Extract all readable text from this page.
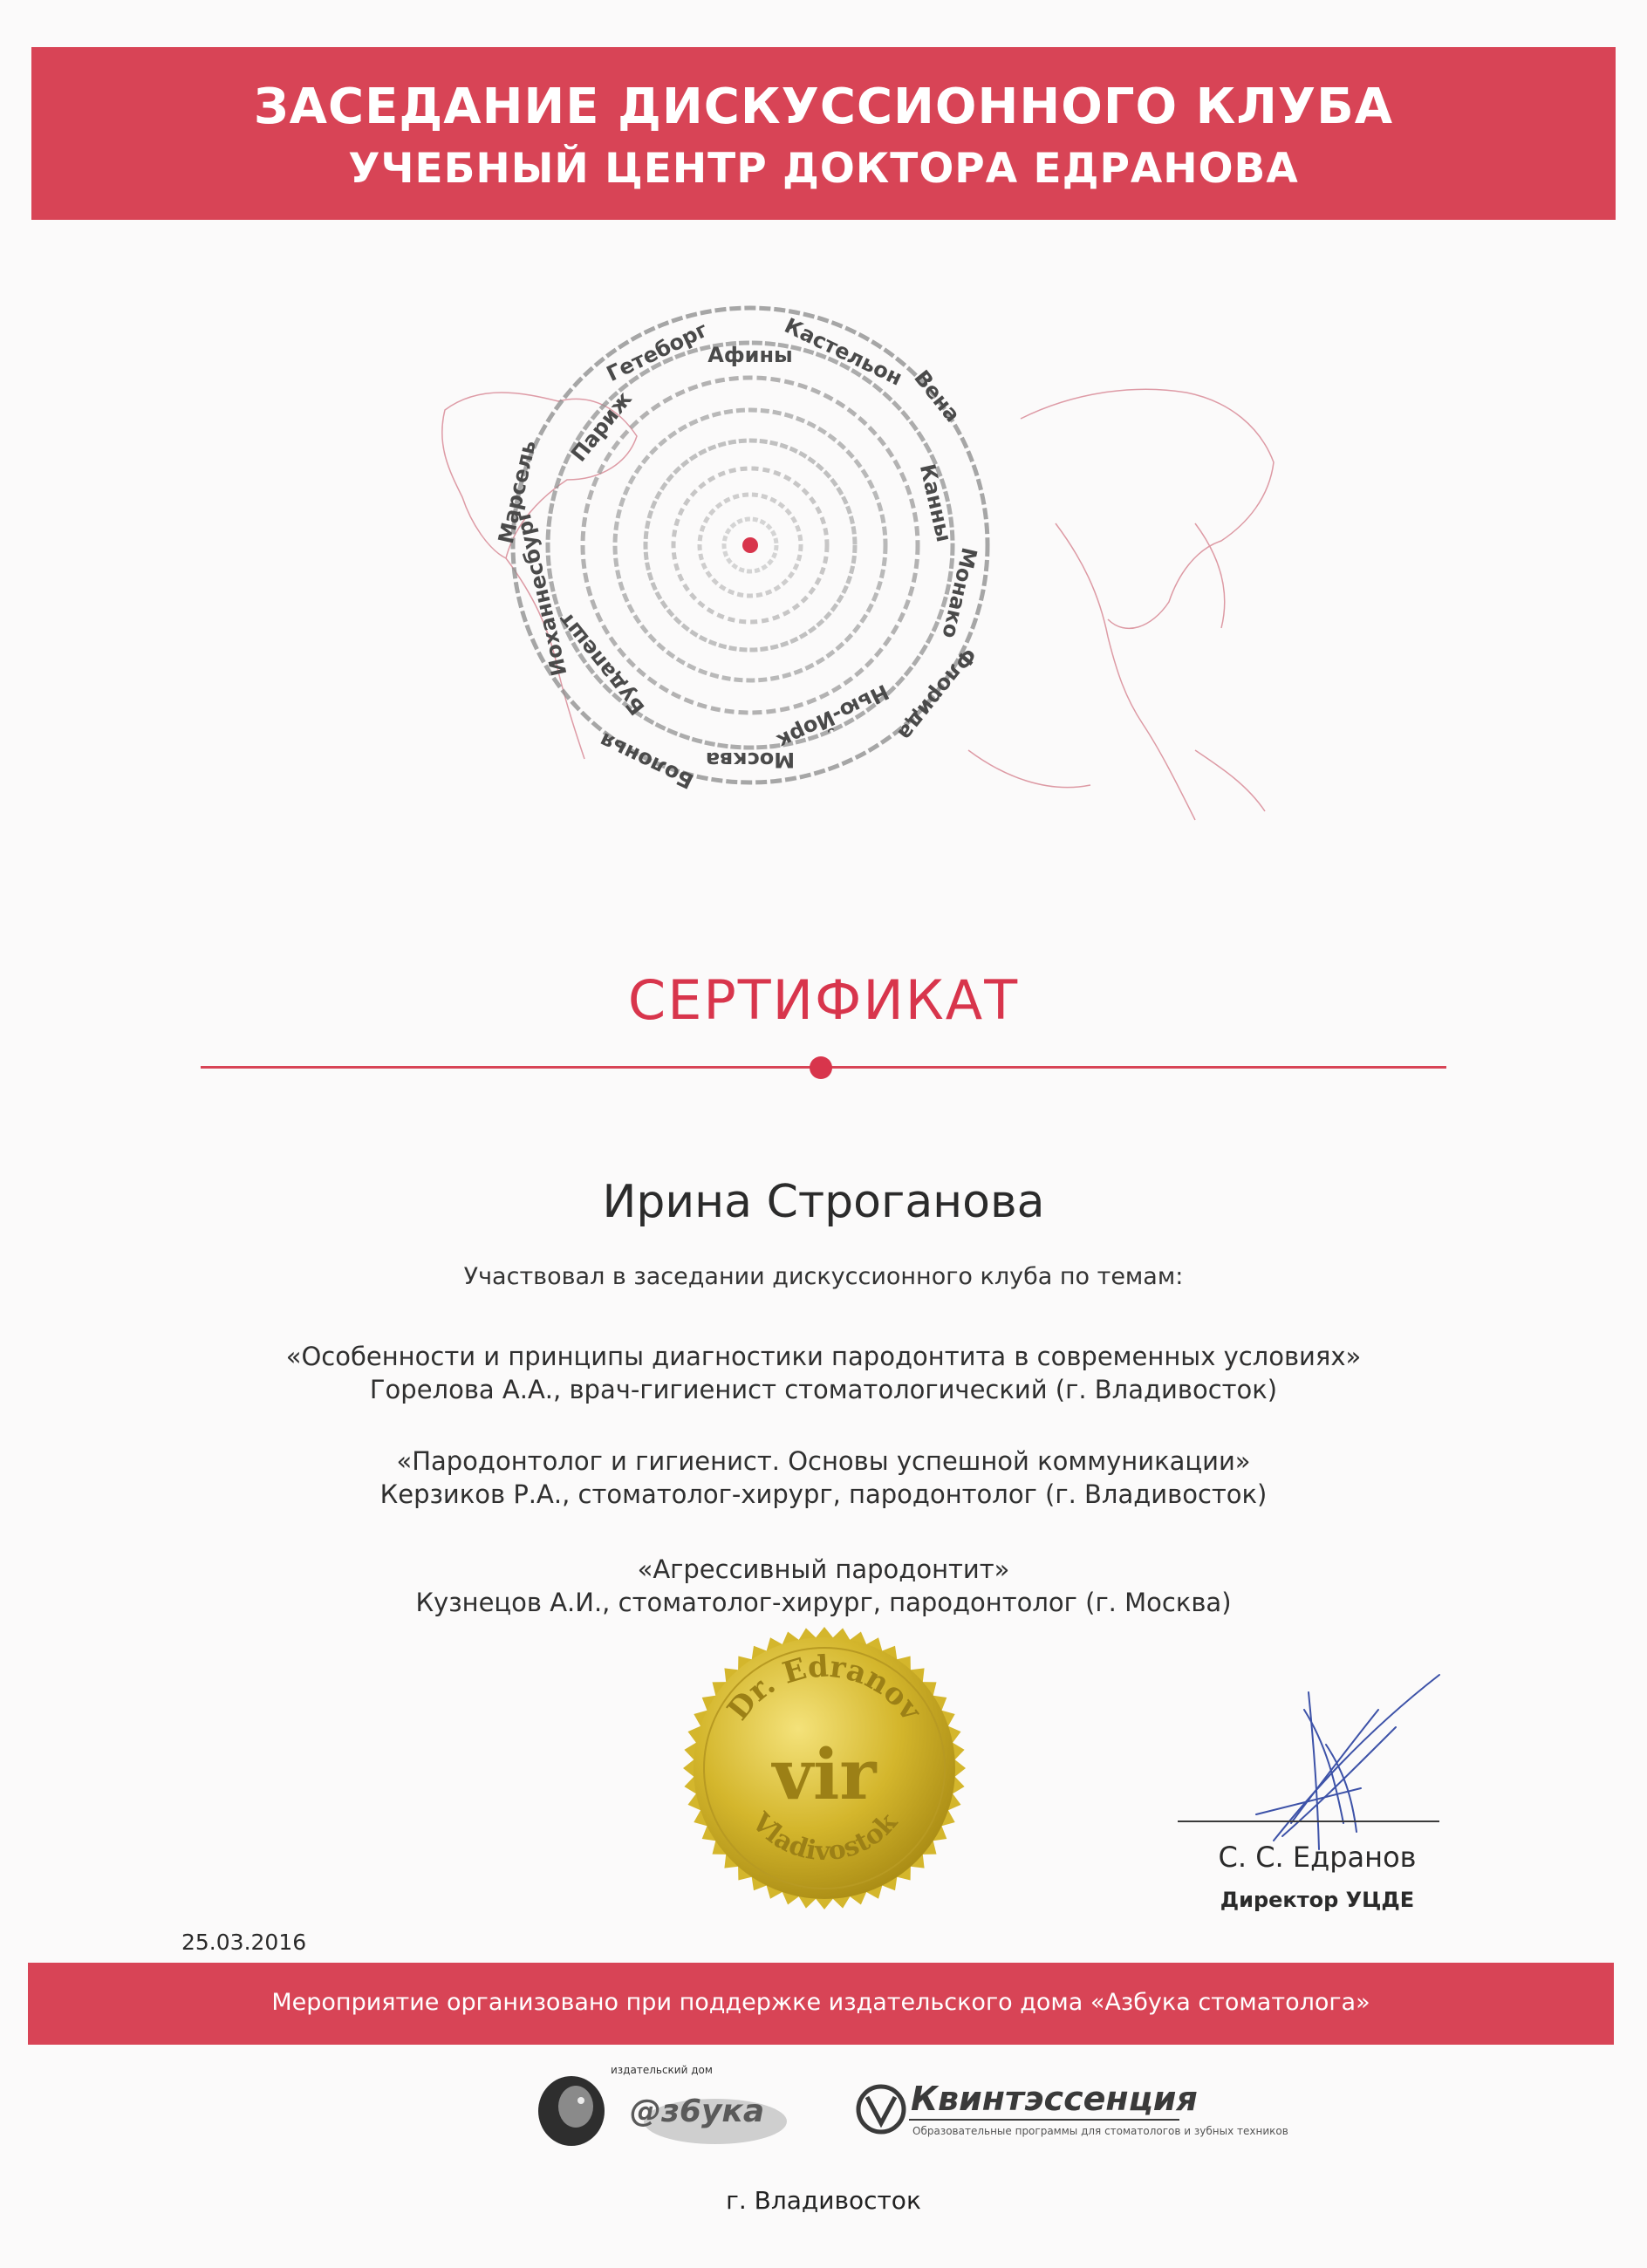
ЗАСЕДАНИЕ ДИСКУССИОННОГО КЛУБА
УЧЕБНЫЙ ЦЕНТР ДОКТОРА ЕДРАНОВА
Афины
Кастельон
Вена
Канны
Монако
Флорида
Нью-Йорк
Москва
Болонья
Будапешт
Иоханнесбург
Марсель
Париж
Гетеборг
СЕРТИФИКАТ
Ирина Строганова
Участвовал в заседании дискуссионного клуба по темам:
«Особенности и принципы диагностики пародонтита в современных условиях»
Горелова А.А., врач-гигиенист стоматологический (г. Владивосток)
«Пародонтолог и гигиенист. Основы успешной коммуникации»
Керзиков Р.А., стоматолог-хирург, пародонтолог (г. Владивосток)
«Агрессивный пародонтит»
Кузнецов А.И., стоматолог-хирург, пародонтолог (г. Москва)
Dr. Edranov
vir
Vladivostok
С. С. Едранов
Директор УЦДЕ
25.03.2016
Мероприятие организовано при поддержке издательского дома «Азбука стоматолога»
издательский дом
@з6ука	Квинтэссенция
Образовательные программы для стоматологов и зубных техников
г. Владивосток
